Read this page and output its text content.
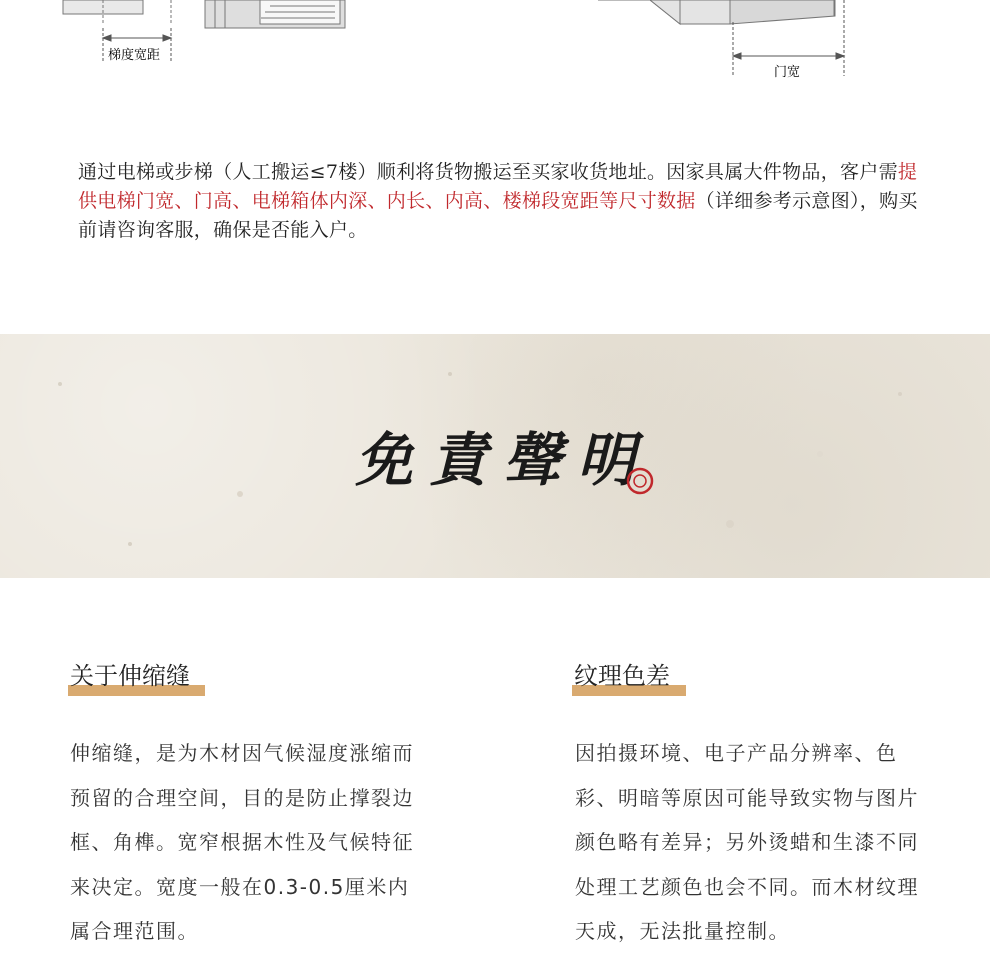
梯度宽距
门宽
通过电梯或步梯（人工搬运≤7楼）顺利将货物搬运至买家收货地址。因家具属大件物品，客户需提供电梯门宽、门高、电梯箱体内深、内长、内高、楼梯段宽距等尺寸数据（详细参考示意图），购买前请咨询客服，确保是否能入户。
免責聲明
关于伸缩缝
伸缩缝，是为木材因气候湿度涨缩而预留的合理空间，目的是防止撑裂边框、角榫。宽窄根据木性及气候特征来决定。宽度一般在0.3-0.5厘米内属合理范围。
纹理色差
因拍摄环境、电子产品分辨率、色彩、明暗等原因可能导致实物与图片颜色略有差异；另外烫蜡和生漆不同处理工艺颜色也会不同。而木材纹理天成，无法批量控制。
